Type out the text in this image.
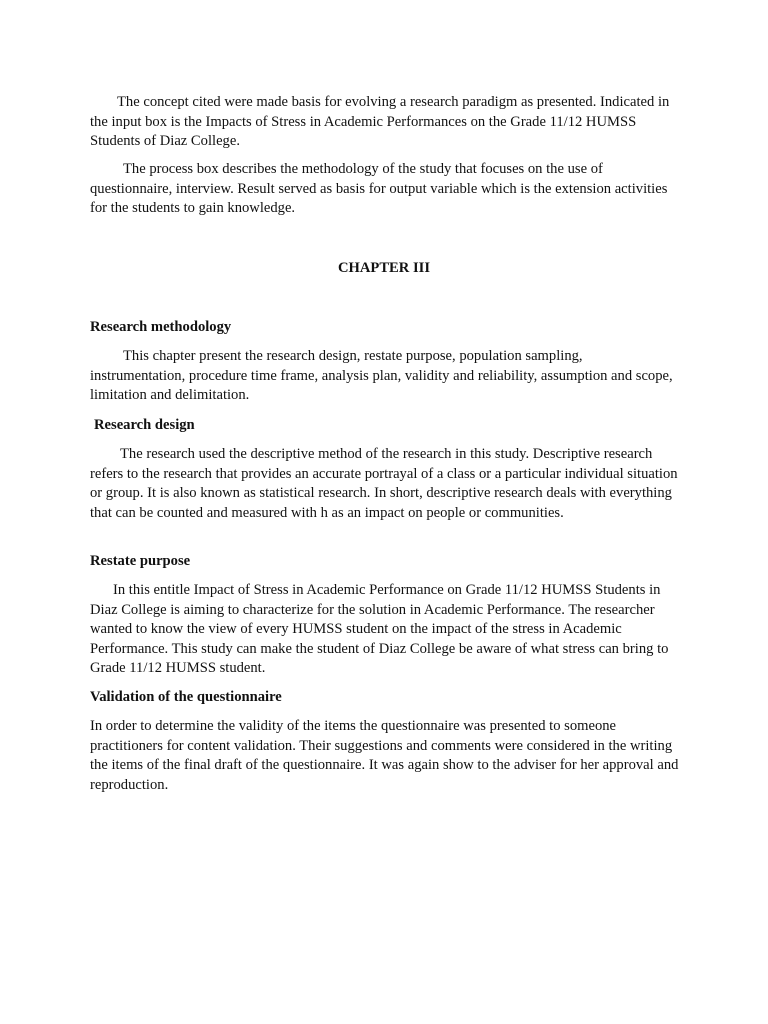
The concept cited were made basis for evolving a research paradigm as presented. Indicated in the input box is the Impacts of Stress in Academic Performances on the Grade 11/12 HUMSS Students of Diaz College.

The process box describes the methodology of the study that focuses on the use of questionnaire, interview. Result served as basis for output variable which is the extension activities for the students to gain knowledge.

CHAPTER III
Research methodology

This chapter present the research design, restate purpose, population sampling, instrumentation, procedure time frame, analysis plan, validity and reliability, assumption and scope, limitation and delimitation.

Research design

The research used the descriptive method of the research in this study. Descriptive research refers to the research that provides an accurate portrayal of a class or a particular individual situation or group. It is also known as statistical research. In short, descriptive research deals with everything that can be counted and measured with h as an impact on people or communities.

Restate purpose

In this entitle Impact of Stress in Academic Performance on Grade 11/12 HUMSS Students in Diaz College is aiming to characterize for the solution in Academic Performance. The researcher wanted to know the view of every HUMSS student on the impact of the stress in Academic Performance. This study can make the student of Diaz College be aware of what stress can bring to Grade 11/12 HUMSS student.

Validation of the questionnaire

In order to determine the validity of the items the questionnaire was presented to someone practitioners for content validation. Their suggestions and comments were considered in the writing the items of the final draft of the questionnaire. It was again show to the adviser for her approval and reproduction.
